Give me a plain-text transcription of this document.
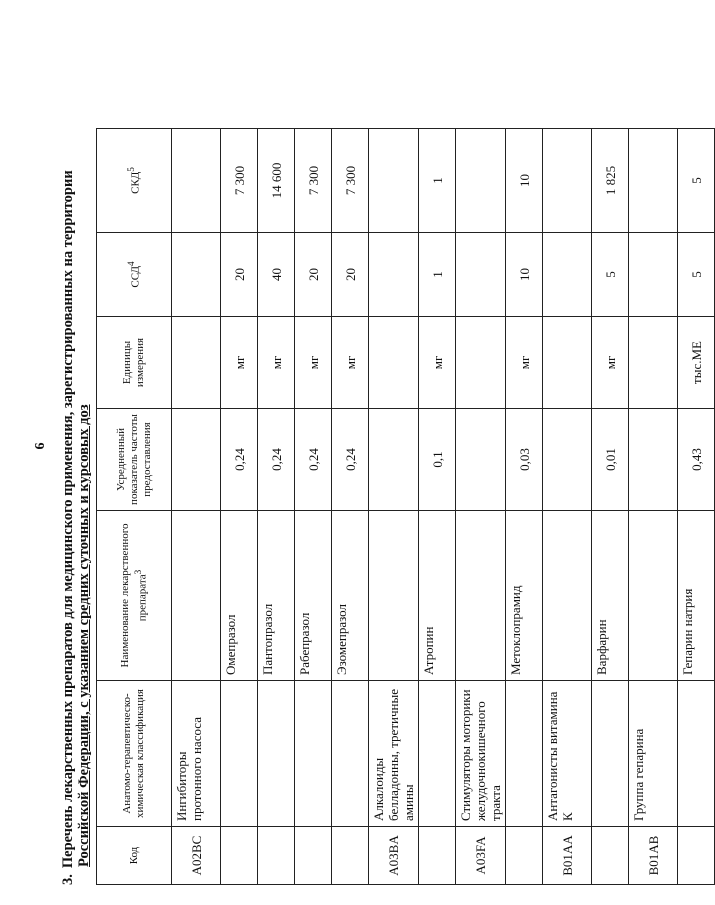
6
3.Перечень лекарственных препаратов для медицинского применения, зарегистрированных на территории Российской Федерации, с указанием средних суточных и курсовых доз	Код	Анатомо-терапевтическо-химическая классификация	Наименование лекарственного препарата$^3$	Усредненный показатель частоты предоставления	Единицы измерения	ССД$^4$	СКД$^5$
A02BC	Ингибиторы протонного насоса					
		Омепразол	0,24	мг	20	7 300
		Пантопразол	0,24	мг	40	14 600
		Рабепразол	0,24	мг	20	7 300
		Эзомепразол	0,24	мг	20	7 300
A03BA	Алкалоиды белладонны, третичные амины					
		Атропин	0,1	мг	1	1
A03FA	Стимуляторы моторики желудочнокишечного тракта					
		Метоклопрамид	0,03	мг	10	10
B01AA	Антагонисты витамина К					
		Варфарин	0,01	мг	5	1 825
B01AB	Группа гепарина					
		Гепарин натрия	0,43	тыс.МЕ	5	5
